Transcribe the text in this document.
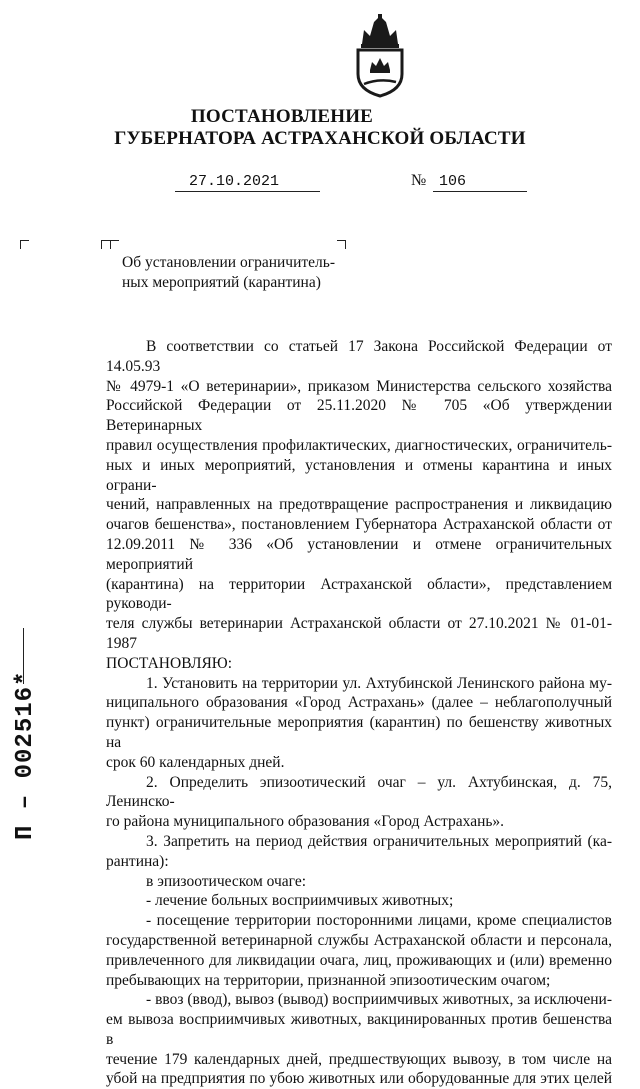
ПОСТАНОВЛЕНИЕ
ГУБЕРНАТОРА АСТРАХАНСКОЙ ОБЛАСТИ
27.10.2021	№ 106
Об установлении ограничитель-
ных мероприятий (карантина)

В соответствии со статьей 17 Закона Российской Федерации от 14.05.93

№ 4979-1 «О ветеринарии», приказом Министерства сельского хозяйства

Российской Федерации от 25.11.2020 № 705 «Об утверждении Ветеринарных

правил осуществления профилактических, диагностических, ограничитель-

ных и иных мероприятий, установления и отмены карантина и иных ограни-

чений, направленных на предотвращение распространения и ликвидацию

очагов бешенства», постановлением Губернатора Астраханской области от

12.09.2011 № 336 «Об установлении и отмене ограничительных мероприятий

(карантина) на территории Астраханской области», представлением руководи-

теля службы ветеринарии Астраханской области от 27.10.2021 № 01-01-1987

ПОСТАНОВЛЯЮ:

1. Установить на территории ул. Ахтубинской Ленинского района му-

ниципального образования «Город Астрахань» (далее – неблагополучный

пункт) ограничительные мероприятия (карантин) по бешенству животных на

срок 60 календарных дней.

2. Определить эпизоотический очаг – ул. Ахтубинская, д. 75, Ленинско-

го района муниципального образования «Город Астрахань».

3. Запретить на период действия ограничительных мероприятий (ка-

рантина):

в эпизоотическом очаге:

- лечение больных восприимчивых животных;

- посещение территории посторонними лицами, кроме специалистов

государственной ветеринарной службы Астраханской области и персонала,

привлеченного для ликвидации очага, лиц, проживающих и (или) временно

пребывающих на территории, признанной эпизоотическим очагом;

- ввоз (ввод), вывоз (вывод) восприимчивых животных, за исключени-

ем вывоза восприимчивых животных, вакцинированных против бешенства в

течение 179 календарных дней, предшествующих вывозу, в том числе на

убой на предприятия по убою животных или оборудованные для этих целей

П – 002516*
